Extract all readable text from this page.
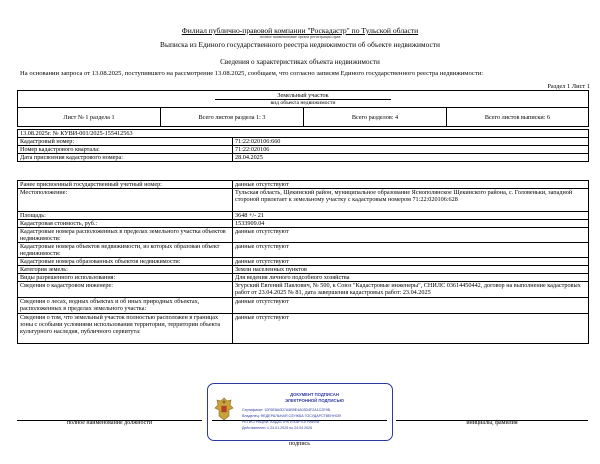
Филиал публично-правовой компании "Роскадастр" по Тульской области
полное наименование органа регистрации прав
Выписка из Единого государственного реестра недвижимости об объекте недвижимости
Сведения о характеристиках объекта недвижимости
На основании запроса от 13.08.2025, поступившего на рассмотрение 13.08.2025, сообщаем, что согласно записям Единого государственного реестра недвижимости:
Раздел 1 Лист 1
Земельный участок
вид объекта недвижимости

Лист № 1 раздела 1	Всего листов раздела 1: 3	Всего разделов: 4	Всего листов выписки: 6
13.08.2025г. № КУВИ-001/2025-155412563	
Кадастровый номер:	71:22:020106:660
Номер кадастрового квартала:	71:22:020106
Дата присвоения кадастрового номера:	28.04.2025
Ранее присвоенный государственный учетный номер:	данные отсутствуют
Местоположение:	Тульская область, Щекинский район, муниципальное образование Яснополянское Щекинского района, с. Головеньки, западной стороной прилегает к земельному участку с кадастровым номером 71:22:020106:628
Площадь:	3648 +/- 21
Кадастровая стоимость, руб.:	1533909.04
Кадастровые номера расположенных в пределах земельного участка объектов недвижимости:	данные отсутствуют
Кадастровые номера объектов недвижимости, из которых образован объект недвижимости:	данные отсутствуют
Кадастровые номера образованных объектов недвижимости:	данные отсутствуют
Категория земель:	Земли населенных пунктов
Виды разрешенного использования:	Для ведения личного подсобного хозяйства
Сведения о кадастровом инженере:	Згурский Евгений Павлович, № 500, к Союз "Кадастровые инженеры", СНИЛС 03614450442, договор на выполнение кадастровых работ от 23.04.2025 № 81, дата завершения кадастровых работ: 23.04.2025
Сведения о лесах, водных объектах и об иных природных объектах, расположенных в пределах земельного участка:	данные отсутствуют
Сведения о том, что земельный участок полностью расположен в границах зоны с особыми условиями использования территории, территории объекта культурного наследия, публичного сервитута:	данные отсутствуют
полное наименование должности
подпись
инициалы, фамилия
ДОКУМЕНТ ПОДПИСАН
ЭЛЕКТРОННОЙ ПОДПИСЬЮ
Сертификат: 10F6E8A0D7A5B9E4A03D4F2A1C2E9B
Владелец: ФЕДЕРАЛЬНАЯ СЛУЖБА ГОСУДАРСТВЕННОЙ
РЕГИСТРАЦИИ, КАДАСТРА И КАРТОГРАФИИ
Действителен: с 24.01.2025 по 24.04.2026
